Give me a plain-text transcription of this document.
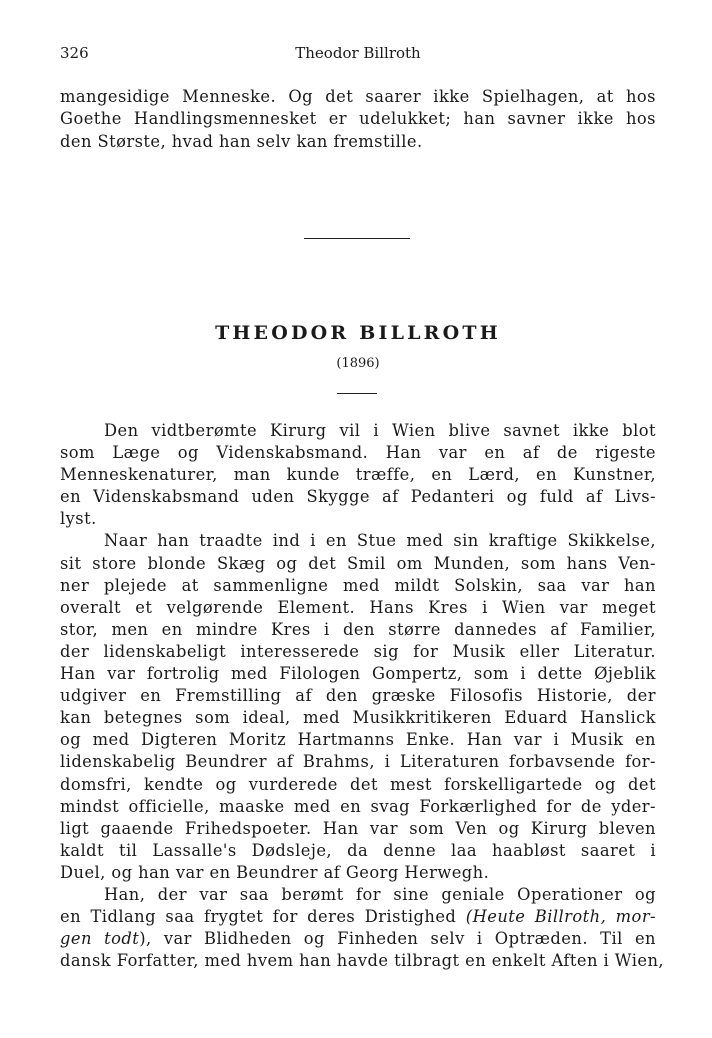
326	Theodor Billroth
mangesidige Menneske. Og det saarer ikke Spielhagen, at hos
Goethe Handlingsmennesket er udelukket; han savner ikke hos
den Største, hvad han selv kan fremstille.
THEODOR BILLROTH
(1896)
Den vidtberømte Kirurg vil i Wien blive savnet ikke blot
som Læge og Videnskabsmand. Han var en af de rigeste
Menneskenaturer, man kunde træffe, en Lærd, en Kunstner,
en Videnskabsmand uden Skygge af Pedanteri og fuld af Livs-
lyst.
Naar han traadte ind i en Stue med sin kraftige Skikkelse,
sit store blonde Skæg og det Smil om Munden, som hans Ven-
ner plejede at sammenligne med mildt Solskin, saa var han
overalt et velgørende Element. Hans Kres i Wien var meget
stor, men en mindre Kres i den større dannedes af Familier,
der lidenskabeligt interesserede sig for Musik eller Literatur.
Han var fortrolig med Filologen Gompertz, som i dette Øjeblik
udgiver en Fremstilling af den græske Filosofis Historie, der
kan betegnes som ideal, med Musikkritikeren Eduard Hanslick
og med Digteren Moritz Hartmanns Enke. Han var i Musik en
lidenskabelig Beundrer af Brahms, i Literaturen forbavsende for-
domsfri, kendte og vurderede det mest forskelligartede og det
mindst officielle, maaske med en svag Forkærlighed for de yder-
ligt gaaende Frihedspoeter. Han var som Ven og Kirurg bleven
kaldt til Lassalle's Dødsleje, da denne laa haabløst saaret i
Duel, og han var en Beundrer af Georg Herwegh.
Han, der var saa berømt for sine geniale Operationer og
en Tidlang saa frygtet for deres Dristighed (Heute Billroth, mor-
gen todt), var Blidheden og Finheden selv i Optræden. Til en
dansk Forfatter, med hvem han havde tilbragt en enkelt Aften i Wien,
